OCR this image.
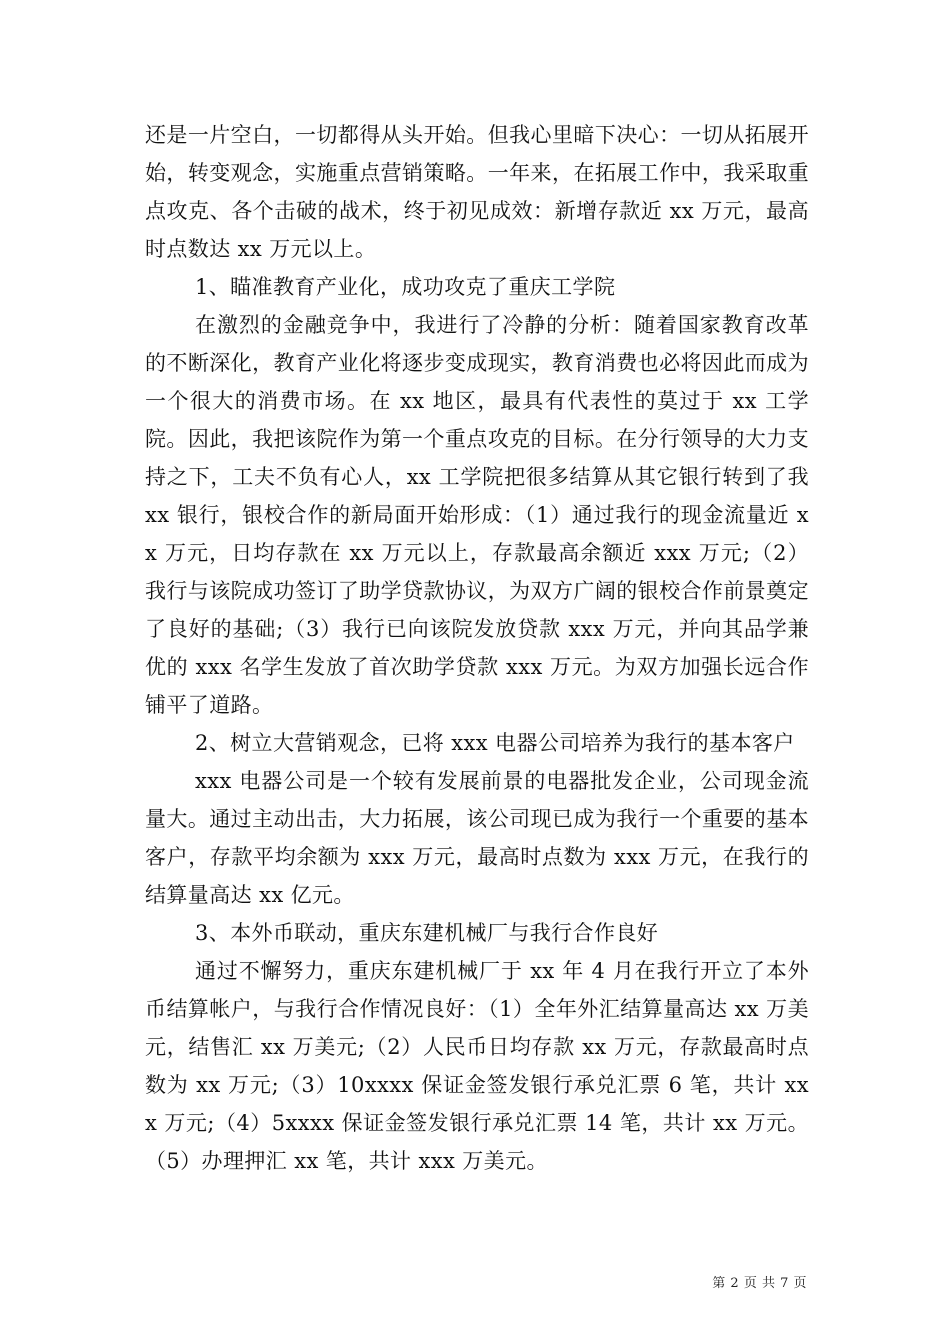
还是一片空白，一切都得从头开始。但我心里暗下决心：一切从拓展开始，转变观念，实施重点营销策略。一年来，在拓展工作中，我采取重点攻克、各个击破的战术，终于初见成效：新增存款近 xx 万元，最高时点数达 xx 万元以上。

1、瞄准教育产业化，成功攻克了重庆工学院

在激烈的金融竞争中，我进行了冷静的分析：随着国家教育改革的不断深化，教育产业化将逐步变成现实，教育消费也必将因此而成为一个很大的消费市场。在 xx 地区，最具有代表性的莫过于 xx 工学院。因此，我把该院作为第一个重点攻克的目标。在分行领导的大力支持之下，工夫不负有心人，xx 工学院把很多结算从其它银行转到了我 xx 银行，银校合作的新局面开始形成：（1）通过我行的现金流量近 xx 万元，日均存款在 xx 万元以上，存款最高余额近 xxx 万元;（2）我行与该院成功签订了助学贷款协议，为双方广阔的银校合作前景奠定了良好的基础;（3）我行已向该院发放贷款 xxx 万元，并向其品学兼优的 xxx 名学生发放了首次助学贷款 xxx 万元。为双方加强长远合作铺平了道路。

2、树立大营销观念，已将 xxx 电器公司培养为我行的基本客户

xxx 电器公司是一个较有发展前景的电器批发企业，公司现金流量大。通过主动出击，大力拓展，该公司现已成为我行一个重要的基本客户，存款平均余额为 xxx 万元，最高时点数为 xxx 万元，在我行的结算量高达 xx 亿元。

3、本外币联动，重庆东建机械厂与我行合作良好

通过不懈努力，重庆东建机械厂于 xx 年 4 月在我行开立了本外币结算帐户，与我行合作情况良好：（1）全年外汇结算量高达 xx 万美元，结售汇 xx 万美元;（2）人民币日均存款 xx 万元，存款最高时点数为 xx 万元;（3）10xxxx 保证金签发银行承兑汇票 6 笔，共计 xxx 万元;（4）5xxxx 保证金签发银行承兑汇票 14 笔，共计 xx 万元。（5）办理押汇 xx 笔，共计 xxx 万美元。

第 2 页 共 7 页
